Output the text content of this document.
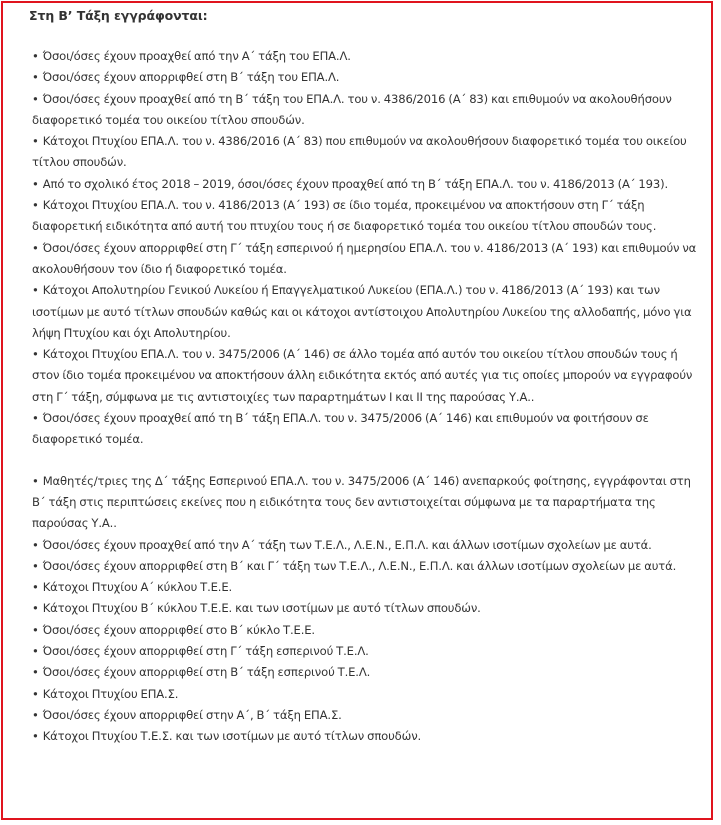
Στη Β’ Τάξη εγγράφονται:
• Όσοι/όσες έχουν προαχθεί από την Α΄ τάξη του ΕΠΑ.Λ.
• Όσοι/όσες έχουν απορριφθεί στη Β΄ τάξη του ΕΠΑ.Λ.
• Όσοι/όσες έχουν προαχθεί από τη Β΄ τάξη του ΕΠΑ.Λ. του ν. 4386/2016 (Α΄ 83) και επιθυμούν να ακολουθήσουν διαφορετικό τομέα του οικείου τίτλου σπουδών.
• Κάτοχοι Πτυχίου ΕΠΑ.Λ. του ν. 4386/2016 (Α΄ 83) που επιθυμούν να ακολουθήσουν διαφορετικό τομέα του οικείου τίτλου σπουδών.
• Από το σχολικό έτος 2018 – 2019, όσοι/όσες έχουν προαχθεί από τη Β΄ τάξη ΕΠΑ.Λ. του ν. 4186/2013 (Α΄ 193).
• Κάτοχοι Πτυχίου ΕΠΑ.Λ. του ν. 4186/2013 (Α΄ 193) σε ίδιο τομέα, προκειμένου να αποκτήσουν στη Γ΄ τάξη διαφορετική ειδικότητα από αυτή του πτυχίου τους ή σε διαφορετικό τομέα του οικείου τίτλου σπουδών τους.
• Όσοι/όσες έχουν απορριφθεί στη Γ΄ τάξη εσπερινού ή ημερησίου ΕΠΑ.Λ. του ν. 4186/2013 (Α΄ 193) και επιθυμούν να ακολουθήσουν τον ίδιο ή διαφορετικό τομέα.
• Κάτοχοι Απολυτηρίου Γενικού Λυκείου ή Επαγγελματικού Λυκείου (ΕΠΑ.Λ.) του ν. 4186/2013 (Α΄ 193) και των ισοτίμων με αυτό τίτλων σπουδών καθώς και οι κάτοχοι αντίστοιχου Απολυτηρίου Λυκείου της αλλοδαπής, μόνο για λήψη Πτυχίου και όχι Απολυτηρίου.
• Κάτοχοι Πτυχίου ΕΠΑ.Λ. του ν. 3475/2006 (Α΄ 146) σε άλλο τομέα από αυτόν του οικείου τίτλου σπουδών τους ή στον ίδιο τομέα προκειμένου να αποκτήσουν άλλη ειδικότητα εκτός από αυτές για τις οποίες μπορούν να εγγραφούν στη Γ΄ τάξη, σύμφωνα με τις αντιστοιχίες των παραρτημάτων Ι και ΙΙ της παρούσας Υ.Α..
• Όσοι/όσες έχουν προαχθεί από τη Β΄ τάξη ΕΠΑ.Λ. του ν. 3475/2006 (Α΄ 146) και επιθυμούν να φοιτήσουν σε διαφορετικό τομέα.
• Μαθητές/τριες της Δ΄ τάξης Εσπερινού ΕΠΑ.Λ. του ν. 3475/2006 (Α΄ 146) ανεπαρκούς φοίτησης, εγγράφονται στη Β΄ τάξη στις περιπτώσεις εκείνες που η ειδικότητα τους δεν αντιστοιχείται σύμφωνα με τα παραρτήματα της παρούσας Υ.Α..
• Όσοι/όσες έχουν προαχθεί από την Α΄ τάξη των Τ.Ε.Λ., Λ.Ε.Ν., Ε.Π.Λ. και άλλων ισοτίμων σχολείων με αυτά.
• Όσοι/όσες έχουν απορριφθεί στη Β΄ και Γ΄ τάξη των Τ.Ε.Λ., Λ.Ε.Ν., Ε.Π.Λ. και άλλων ισοτίμων σχολείων με αυτά.
• Κάτοχοι Πτυχίου Α΄ κύκλου Τ.Ε.Ε.
• Κάτοχοι Πτυχίου Β΄ κύκλου Τ.Ε.Ε. και των ισοτίμων με αυτό τίτλων σπουδών.
• Όσοι/όσες έχουν απορριφθεί στο Β΄ κύκλο Τ.Ε.Ε.
• Όσοι/όσες έχουν απορριφθεί στη Γ΄ τάξη εσπερινού Τ.Ε.Λ.
• Όσοι/όσες έχουν απορριφθεί στη Β΄ τάξη εσπερινού Τ.Ε.Λ.
• Κάτοχοι Πτυχίου ΕΠΑ.Σ.
• Όσοι/όσες έχουν απορριφθεί στην Α΄, Β΄ τάξη ΕΠΑ.Σ.
• Κάτοχοι Πτυχίου Τ.Ε.Σ. και των ισοτίμων με αυτό τίτλων σπουδών.
